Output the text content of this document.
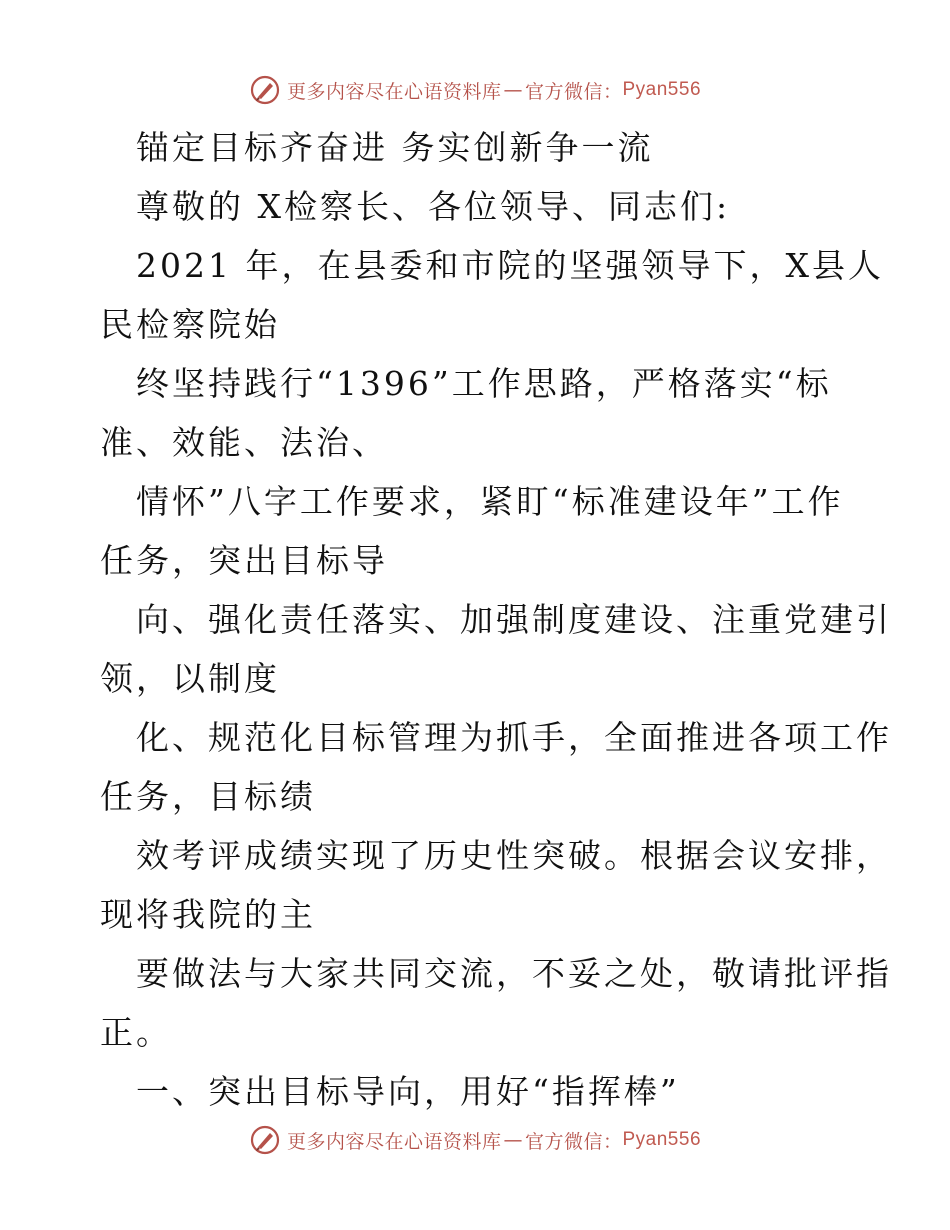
更多内容尽在心语资料库 — 官方微信： Pyan556
锚定目标齐奋进 务实创新争一流
尊敬的 X检察长、各位领导、同志们:
2021 年，在县委和市院的坚强领导下，X县人
民检察院始
终坚持践行“1396”工作思路，严格落实“标
准、效能、法治、
情怀”八字工作要求，紧盯“标准建设年”工作
任务，突出目标导
向、强化责任落实、加强制度建设、注重党建引
领，以制度
化、规范化目标管理为抓手，全面推进各项工作
任务，目标绩
效考评成绩实现了历史性突破。根据会议安排，
现将我院的主
要做法与大家共同交流，不妥之处，敬请批评指
正。
一、突出目标导向，用好“指挥棒”
更多内容尽在心语资料库 — 官方微信： Pyan556
